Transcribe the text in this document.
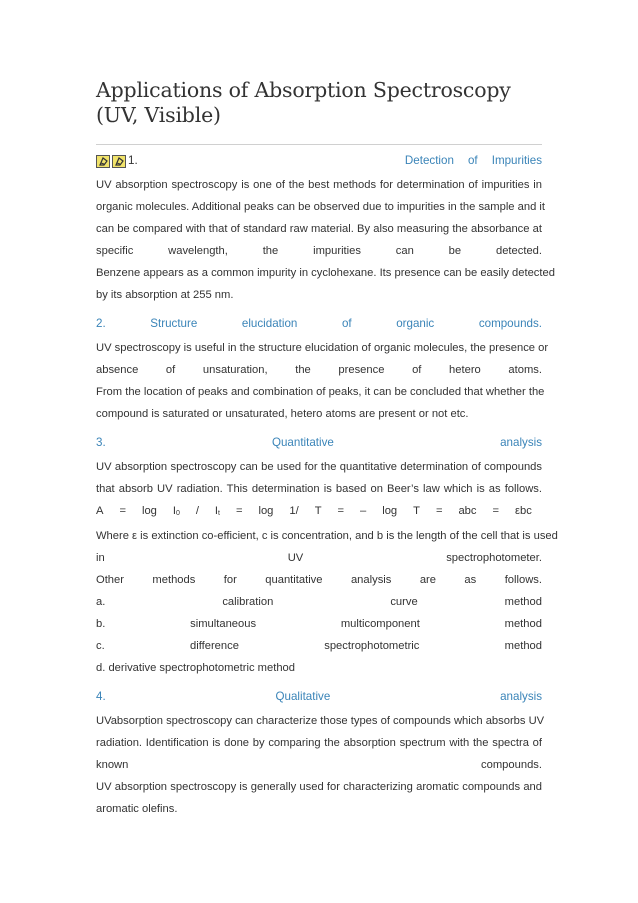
Applications of Absorption Spectroscopy (UV, Visible)
1.	Detection of Impurities
UV absorption spectroscopy is one of the best methods for determination of impurities in
organic molecules. Additional peaks can be observed due to impurities in the sample and it
can be compared with that of standard raw material. By also measuring the absorbance at
specific wavelength, the impurities can be detected.
Benzene appears as a common impurity in cyclohexane. Its presence can be easily detected
by its absorption at 255 nm.
2.	Structure	elucidation	of	organic	compounds.
UV spectroscopy is useful in the structure elucidation of organic molecules, the presence or
absence of unsaturation, the presence of hetero atoms.
From the location of peaks and combination of peaks, it can be concluded that whether the
compound is saturated or unsaturated, hetero atoms are present or not etc.
3.	Quantitative	analysis
UV absorption spectroscopy can be used for the quantitative determination of compounds
that absorb UV radiation. This determination is based on Beer’s law which is as follows.
$A = \log I_0 / I_t = \log 1/$ T = – log T = abc = εbc
Where ε is extinction co-efficient, c is concentration, and b is the length of the cell that is used
in	UV	spectrophotometer.
Other	methods	for	quantitative	analysis	are	as	follows.
a.	calibration	curve	method
b.	simultaneous	multicomponent	method
c.	difference	spectrophotometric	method
d. derivative spectrophotometric method
4.	Qualitative	analysis
UVabsorption spectroscopy can characterize those types of compounds which absorbs UV
radiation. Identification is done by comparing the absorption spectrum with the spectra of
known	compounds.
UV absorption spectroscopy is generally used for characterizing aromatic compounds and
aromatic olefins.
